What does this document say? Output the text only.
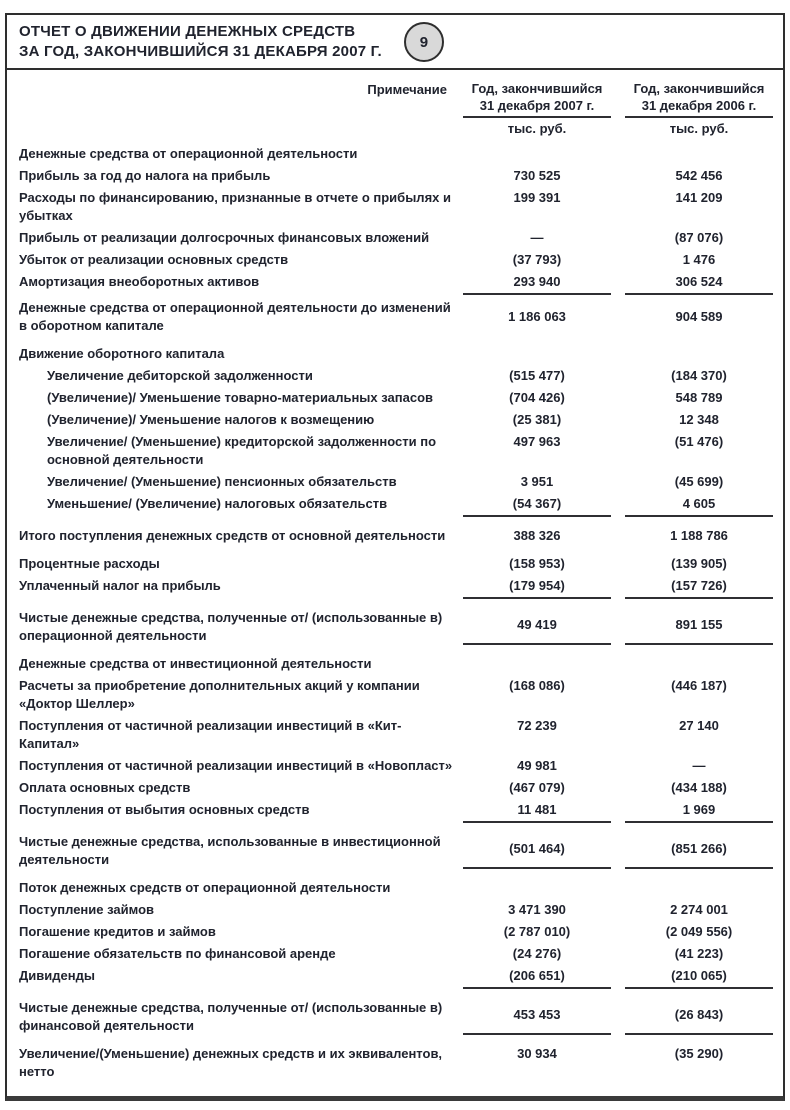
ОТЧЕТ О ДВИЖЕНИИ ДЕНЕЖНЫХ СРЕДСТВ
ЗА ГОД, ЗАКОНЧИВШИЙСЯ 31 ДЕКАБРЯ 2007 Г.
9
Примечание	Год, закончившийся
31 декабря 2007 г.
тыс. руб.
Год, закончившийся
31 декабря 2006 г.
тыс. руб.
Денежные средства от операционной деятельности
Прибыль за год до налога на прибыль	730 525	542 456
Расходы по финансированию, признанные в отчете о прибылях и убытках
199 391	141 209
Прибыль от реализации долгосрочных финансовых вложений	—	(87 076)
Убыток от реализации основных средств	(37 793)	1 476
Амортизация внеоборотных активов	293 940	306 524
Денежные средства от операционной деятельности до изменений в оборотном капитале
1 186 063	904 589
Движение оборотного капитала
Увеличение дебиторской задолженности	(515 477)	(184 370)
(Увеличение)/ Уменьшение товарно-материальных запасов	(704 426)	548 789
(Увеличение)/ Уменьшение налогов к возмещению	(25 381)	12 348
Увеличение/ (Уменьшение) кредиторской задолженности по основной деятельности
497 963	(51 476)
Увеличение/ (Уменьшение) пенсионных обязательств	3 951	(45 699)
Уменьшение/ (Увеличение) налоговых обязательств	(54 367)	4 605
Итого поступления денежных средств от основной деятельности	388 326	1 188 786
Процентные расходы	(158 953)	(139 905)
Уплаченный налог на прибыль	(179 954)	(157 726)
Чистые денежные средства, полученные от/ (использованные в) операционной деятельности
49 419	891 155
Денежные средства от инвестиционной деятельности
Расчеты за приобретение дополнительных акций у компании «Доктор Шеллер»
(168 086)	(446 187)
Поступления от частичной реализации инвестиций в «Кит-Капитал»
72 239	27 140
Поступления от частичной реализации инвестиций в «Новопласт»	49 981	—
Оплата основных средств	(467 079)	(434 188)
Поступления от выбытия основных средств	11 481	1 969
Чистые денежные средства, использованные в инвестиционной деятельности
(501 464)	(851 266)
Поток денежных средств от операционной деятельности
Поступление займов	3 471 390	2 274 001
Погашение кредитов и займов	(2 787 010)	(2 049 556)
Погашение обязательств по финансовой аренде	(24 276)	(41 223)
Дивиденды	(206 651)	(210 065)
Чистые денежные средства, полученные от/ (использованные в) финансовой деятельности
453 453	(26 843)
Увеличение/(Уменьшение) денежных средств и их эквивалентов, нетто
30 934	(35 290)
